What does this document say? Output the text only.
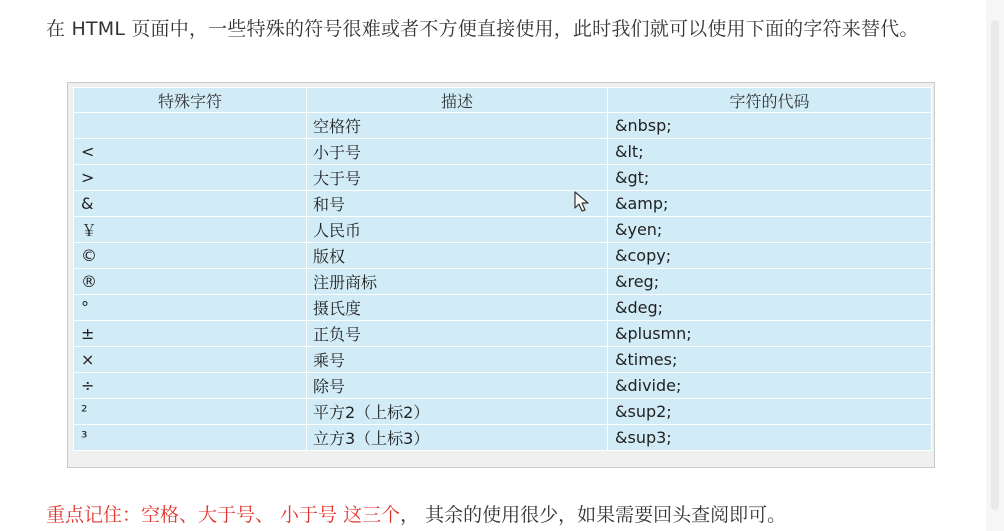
在 HTML 页面中，一些特殊的符号很难或者不方便直接使用，此时我们就可以使用下面的字符来替代。
特殊字符	描述	字符的代码
	空格符	&nbsp;
<	小于号	&lt;
>	大于号	&gt;
&	和号	&amp;
￥	人民币	&yen;
©	版权	&copy;
®	注册商标	&reg;
°	摄氏度	&deg;
±	正负号	&plusmn;
×	乘号	&times;
÷	除号	&divide;
²	平方2（上标2）	&sup2;
³	立方3（上标3）	&sup3;
重点记住：空格、大于号、 小于号 这三个， 其余的使用很少，如果需要回头查阅即可。
